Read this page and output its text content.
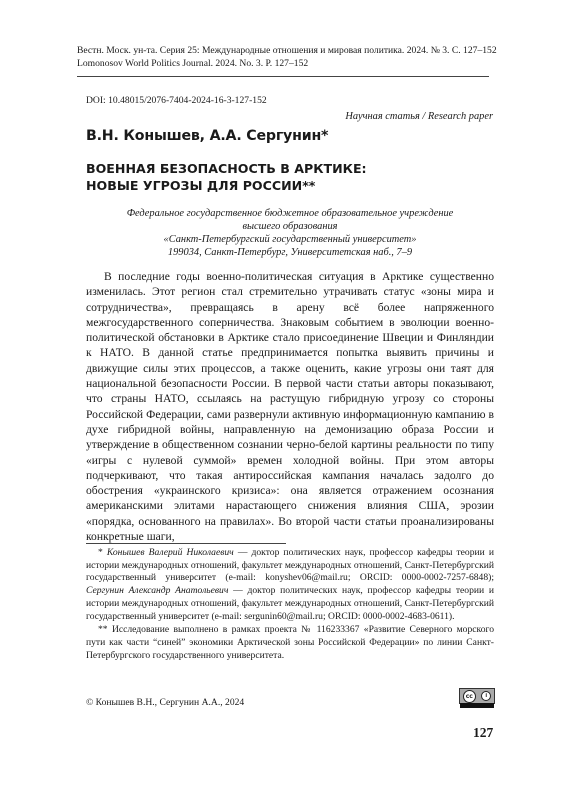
Вестн. Моск. ун-та. Серия 25: Международные отношения и мировая политика. 2024. № 3. С. 127–152
Lomonosov World Politics Journal. 2024. No. 3. P. 127–152
DOI: 10.48015/2076-7404-2024-16-3-127-152
Научная статья / Research paper
В.Н. Конышев, А.А. Сергунин*
ВОЕННАЯ БЕЗОПАСНОСТЬ В АРКТИКЕ:
НОВЫЕ УГРОЗЫ ДЛЯ РОССИИ**
Федеральное государственное бюджетное образовательное учреждение
высшего образования
«Санкт-Петербургский государственный университет»
199034, Санкт-Петербург, Университетская наб., 7–9

В последние годы военно-политическая ситуация в Арктике существенно изменилась. Этот регион стал стремительно утрачивать статус «зоны мира и сотрудничества», превращаясь в арену всё более напряженного межгосударственного соперничества. Знаковым событием в эволюции военно-политической обстановки в Арктике стало присоединение Швеции и Финляндии к НАТО. В данной статье предпринимается попытка выявить причины и движущие силы этих процессов, а также оценить, какие угрозы они таят для национальной безопасности России. В первой части статьи авторы показывают, что страны НАТО, ссылаясь на растущую гибридную угрозу со стороны Российской Федерации, сами развернули активную информационную кампанию в духе гибридной войны, направленную на демонизацию образа России и утверждение в общественном сознании черно-белой картины реальности по типу «игры с нулевой суммой» времен холодной войны. При этом авторы подчеркивают, что такая антироссийская кампания началась задолго до обострения «украинского кризиса»: она является отражением осознания американскими элитами нарастающего снижения влияния США, эрозии «порядка, основанного на правилах». Во второй части статьи проанализированы конкретные шаги,

* Конышев Валерий Николаевич — доктор политических наук, профессор кафедры теории и истории международных отношений, факультет международных отношений, Санкт-Петербургский государственный университет (e-mail: konyshev06@mail.ru; ORCID: 0000-0002-7257-6848); Сергунин Александр Анатольевич — доктор политических наук, профессор кафедры теории и истории международных отношений, факультет международных отношений, Санкт-Петербургский государственный университет (e-mail: sergunin60@mail.ru; ORCID: 0000-0002-4683-0611).

** Исследование выполнено в рамках проекта № 116233367 «Развитие Северного морского пути как части “синей” экономики Арктической зоны Российской Федерации» по линии Санкт-Петербургского государственного университета.

© Конышев В.Н., Сергунин А.А., 2024
cc	i
127
